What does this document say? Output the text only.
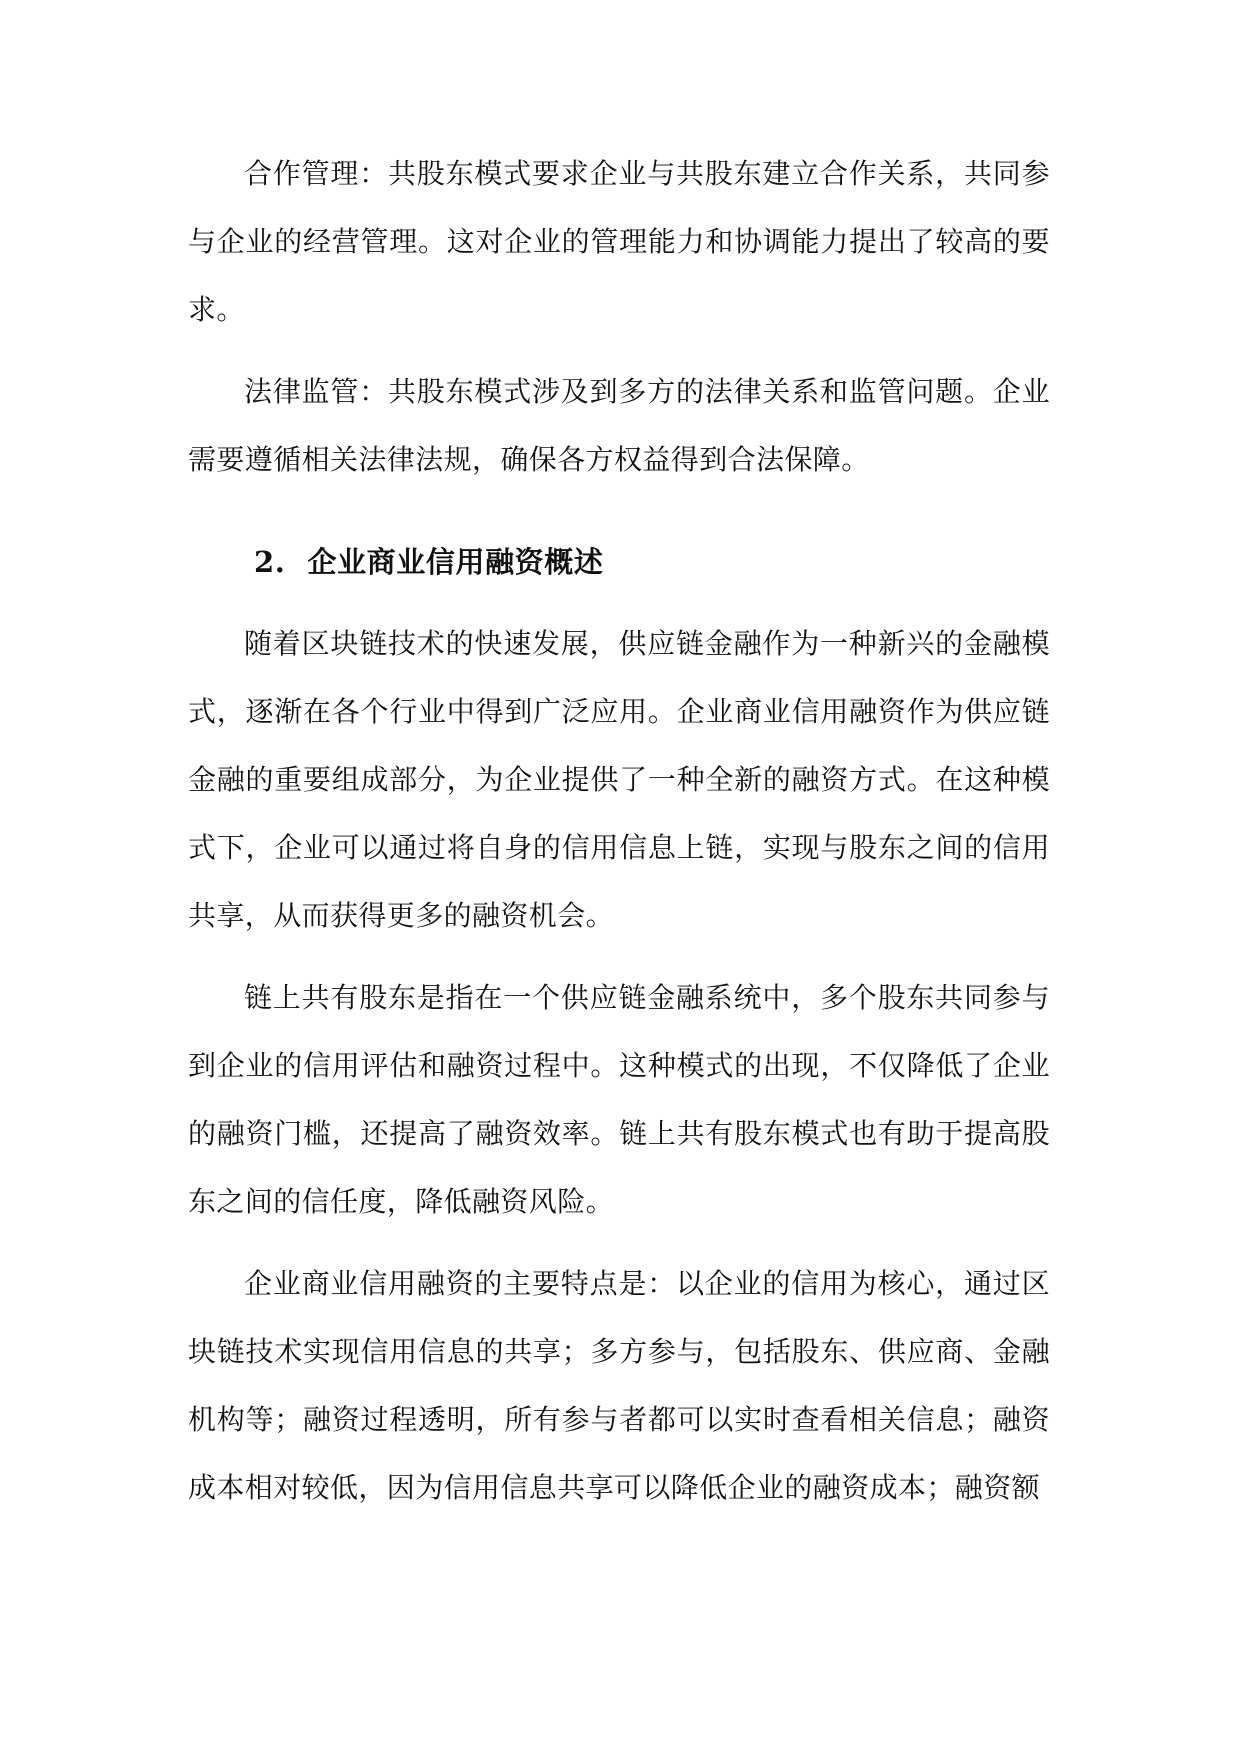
合作管理：共股东模式要求企业与共股东建立合作关系，共同参与企业的经营管理。这对企业的管理能力和协调能力提出了较高的要求。

法律监管：共股东模式涉及到多方的法律关系和监管问题。企业需要遵循相关法律法规，确保各方权益得到合法保障。

2. 企业商业信用融资概述

随着区块链技术的快速发展，供应链金融作为一种新兴的金融模式，逐渐在各个行业中得到广泛应用。企业商业信用融资作为供应链金融的重要组成部分，为企业提供了一种全新的融资方式。在这种模式下，企业可以通过将自身的信用信息上链，实现与股东之间的信用共享，从而获得更多的融资机会。

链上共有股东是指在一个供应链金融系统中，多个股东共同参与到企业的信用评估和融资过程中。这种模式的出现，不仅降低了企业的融资门槛，还提高了融资效率。链上共有股东模式也有助于提高股东之间的信任度，降低融资风险。

企业商业信用融资的主要特点是：以企业的信用为核心，通过区块链技术实现信用信息的共享；多方参与，包括股东、供应商、金融机构等；融资过程透明，所有参与者都可以实时查看相关信息；融资成本相对较低，因为信用信息共享可以降低企业的融资成本；融资额
